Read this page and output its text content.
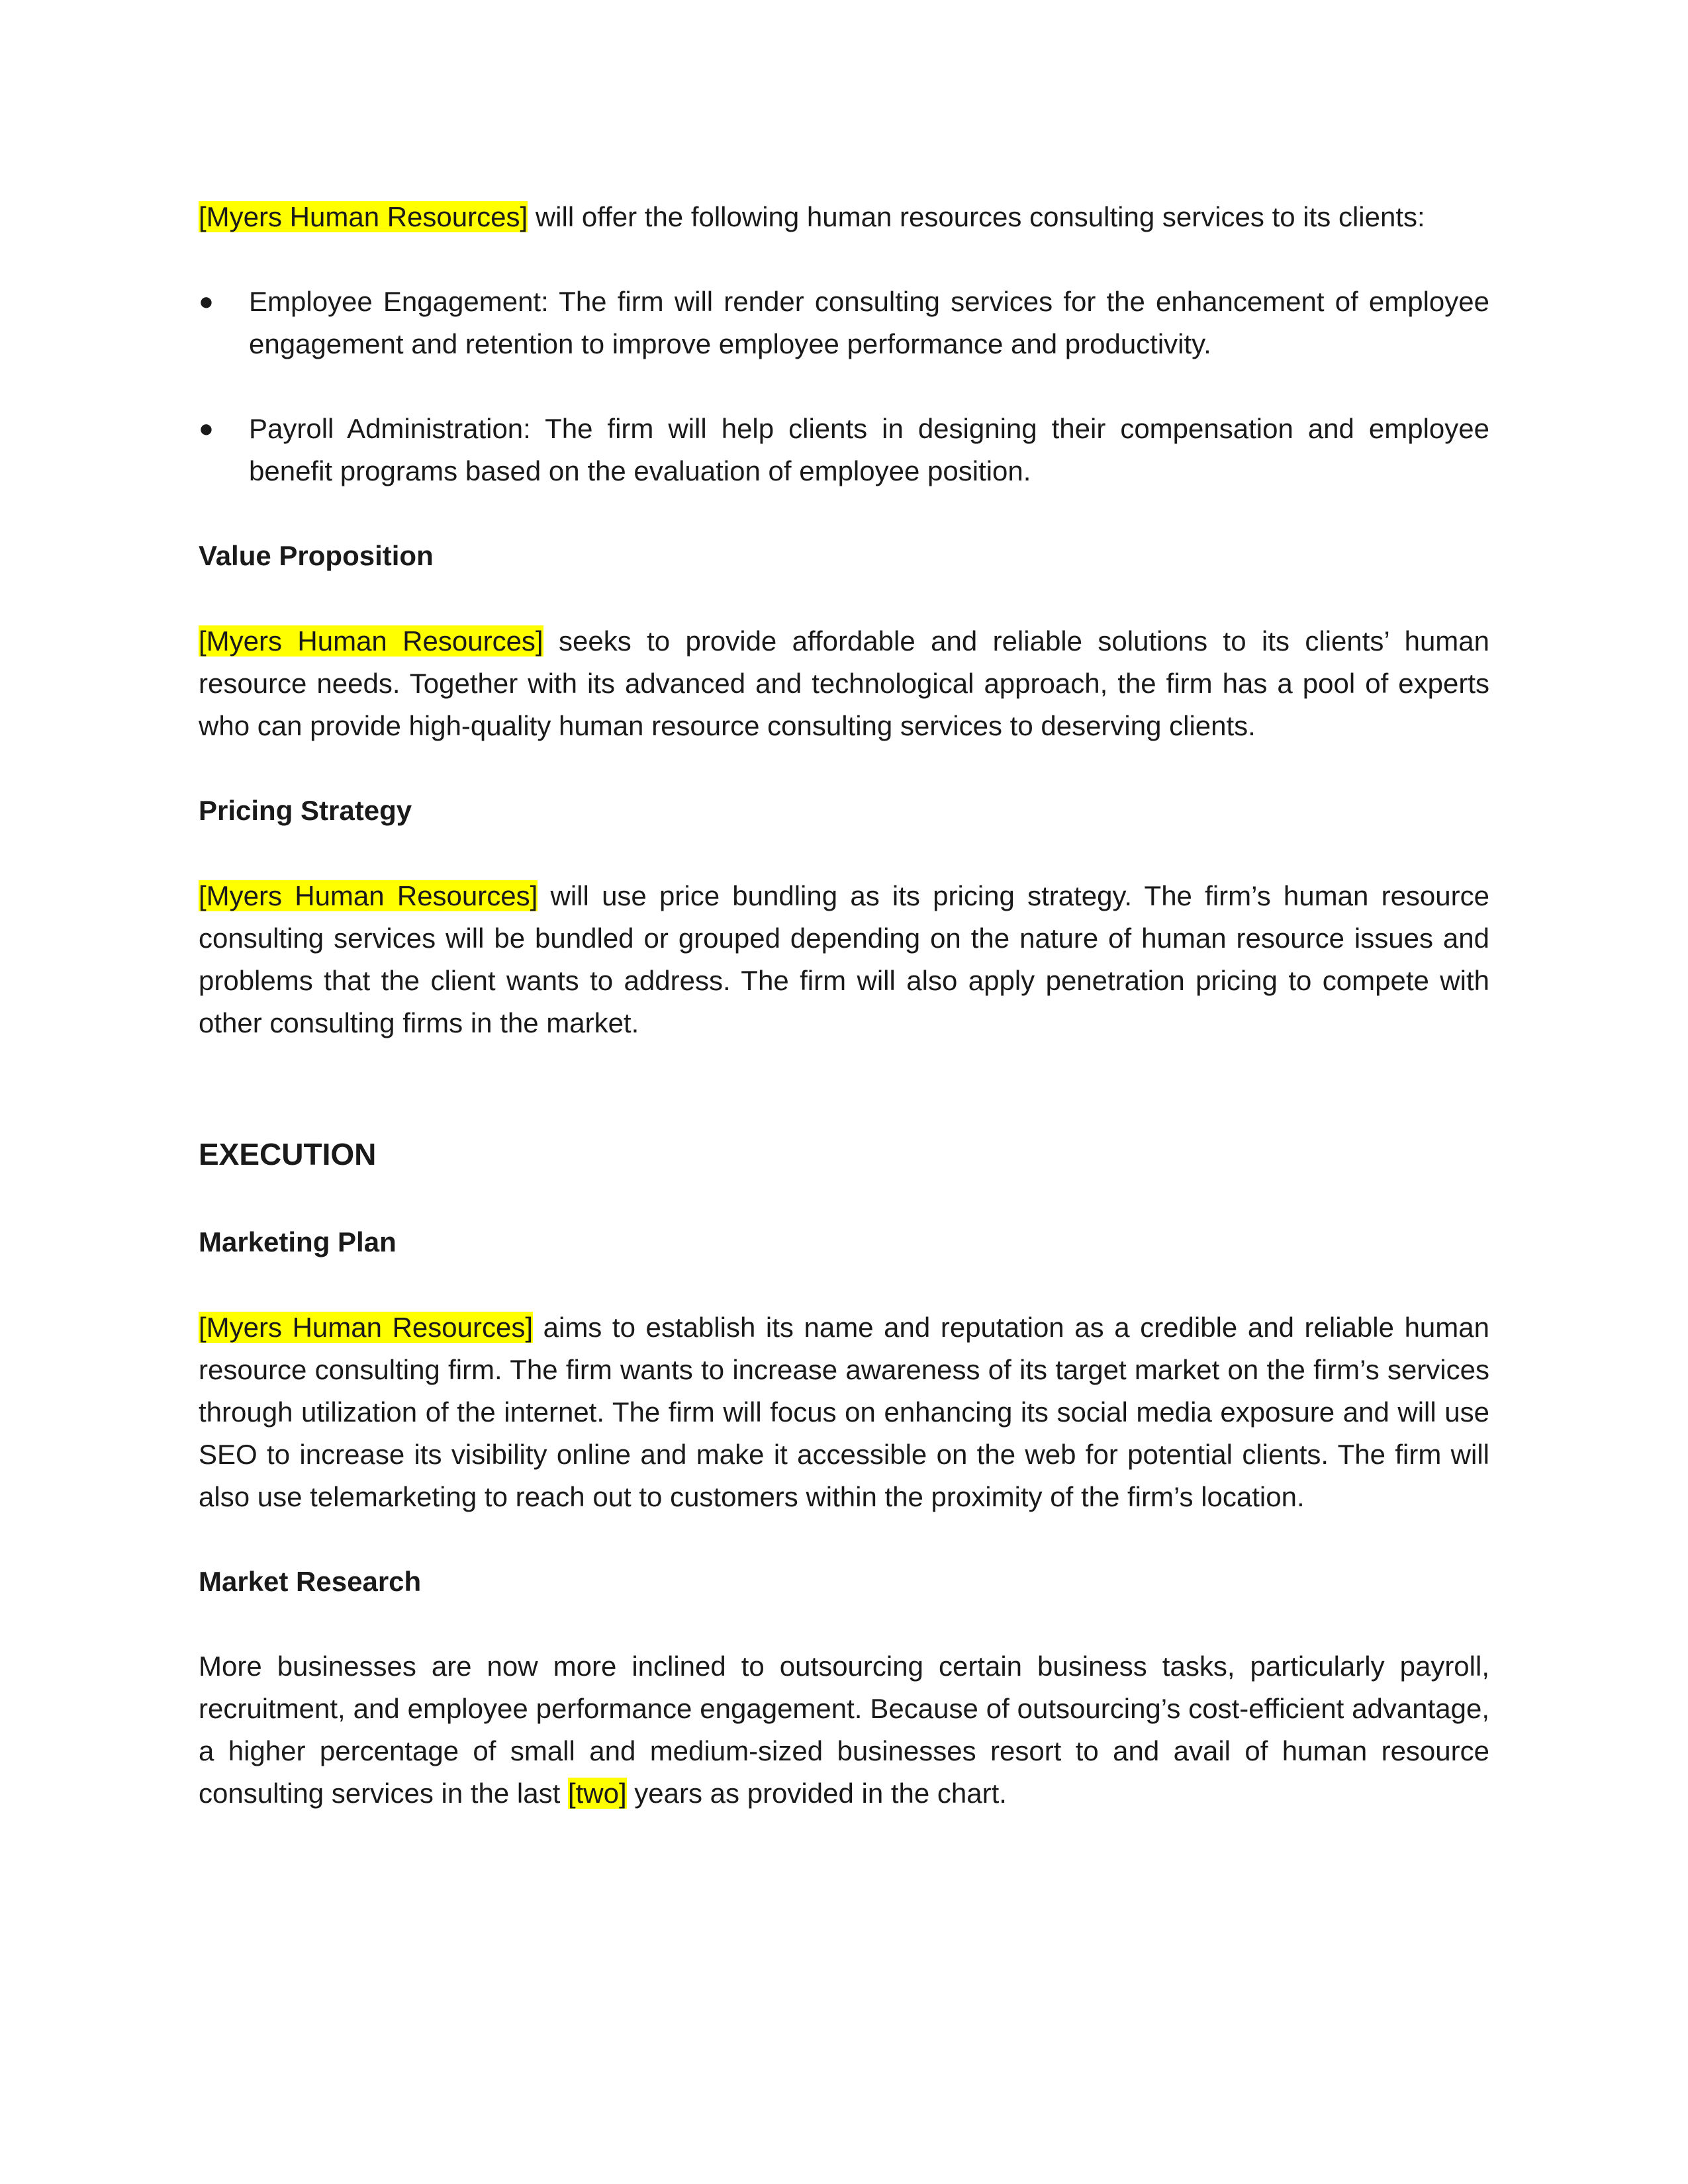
[Myers Human Resources] will offer the following human resources consulting services to its clients:

●	Employee Engagement: The firm will render consulting services for the enhancement of employee engagement and retention to improve employee performance and productivity.
●	Payroll Administration: The firm will help clients in designing their compensation and employee benefit programs based on the evaluation of employee position.
Value Proposition

[Myers Human Resources] seeks to provide affordable and reliable solutions to its clients’ human resource needs. Together with its advanced and technological approach, the firm has a pool of experts who can provide high-quality human resource consulting services to deserving clients.

Pricing Strategy

[Myers Human Resources] will use price bundling as its pricing strategy. The firm’s human resource consulting services will be bundled or grouped depending on the nature of human resource issues and problems that the client wants to address. The firm will also apply penetration pricing to compete with other consulting firms in the market.

EXECUTION
Marketing Plan

[Myers Human Resources] aims to establish its name and reputation as a credible and reliable human resource consulting firm. The firm wants to increase awareness of its target market on the firm’s services through utilization of the internet. The firm will focus on enhancing its social media exposure and will use SEO to increase its visibility online and make it accessible on the web for potential clients. The firm will also use telemarketing to reach out to customers within the proximity of the firm’s location.

Market Research

More businesses are now more inclined to outsourcing certain business tasks, particularly payroll, recruitment, and employee performance engagement. Because of outsourcing’s cost-efficient advantage, a higher percentage of small and medium-sized businesses resort to and avail of human resource consulting services in the last [two] years as provided in the chart.
